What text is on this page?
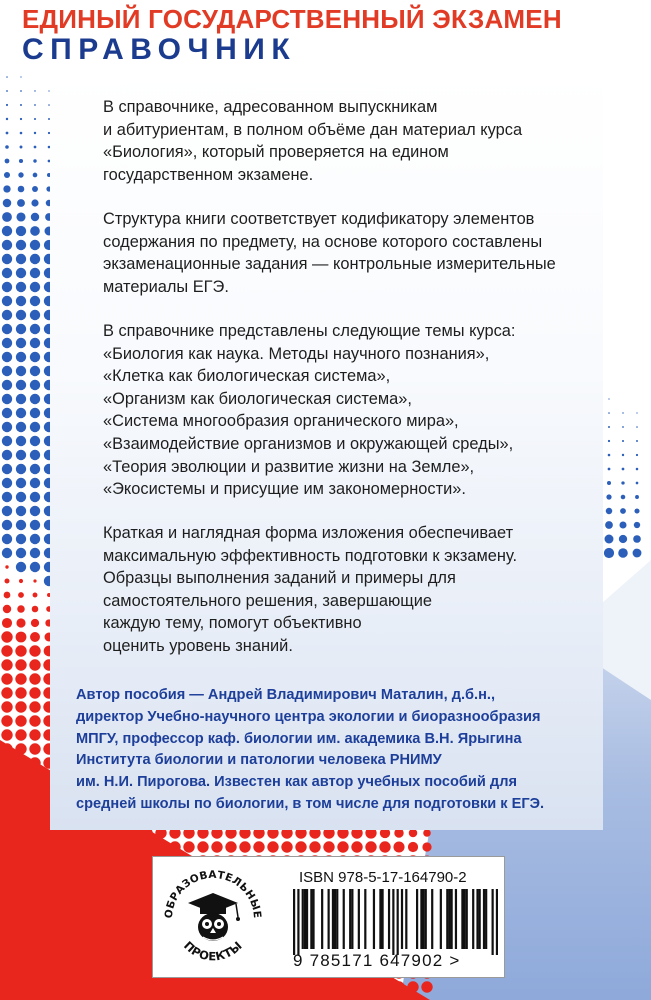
ЕДИНЫЙ ГОСУДАРСТВЕННЫЙ ЭКЗАМЕН
СПРАВОЧНИК

В справочнике, адресованном выпускникам
и абитуриентам, в полном объёме дан материал курса
«Биология», который проверяется на едином
государственном экзамене.

Структура книги соответствует кодификатору элементов
содержания по предмету, на основе которого составлены
экзаменационные задания — контрольные измерительные
материалы ЕГЭ.

В справочнике представлены следующие темы курса:
«Биология как наука. Методы научного познания»,
«Клетка как биологическая система»,
«Организм как биологическая система»,
«Система многообразия органического мира»,
«Взаимодействие организмов и окружающей среды»,
«Теория эволюции и развитие жизни на Земле»,
«Экосистемы и присущие им закономерности».

Краткая и наглядная форма изложения обеспечивает
максимальную эффективность подготовки к экзамену.
Образцы выполнения заданий и примеры для
самостоятельного решения, завершающие
каждую тему, помогут объективно
оценить уровень знаний.

Автор пособия — Андрей Владимирович Маталин, д.б.н.,
директор Учебно-научного центра экологии и биоразнообразия
МПГУ, профессор каф. биологии им. академика В.Н. Ярыгина
Института биологии и патологии человека РНИМУ
им. Н.И. Пирогова. Известен как автор учебных пособий для
средней школы по биологии, в том числе для подготовки к ЕГЭ.

ОБРАЗОВАТЕЛЬНЫЕ
ПРОЕКТЫ
ISBN 978-5-17-164790-2
9 785171 647902 >
